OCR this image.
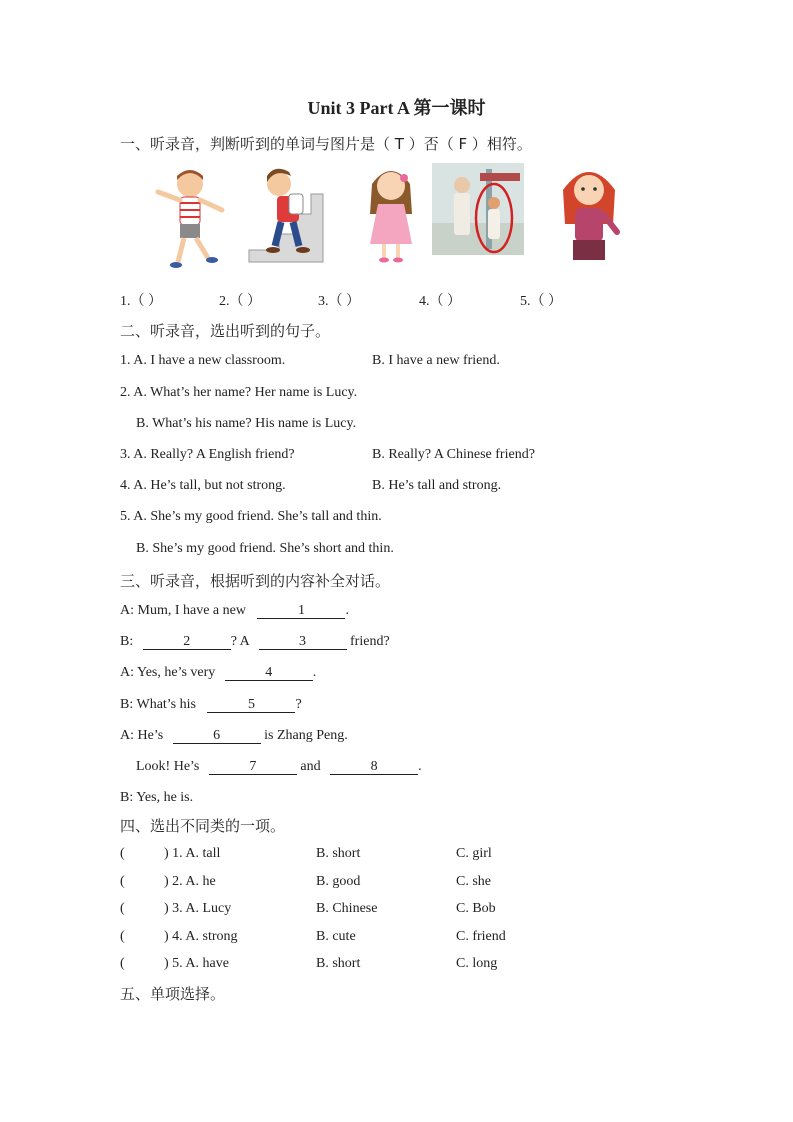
Unit 3 Part A 第一课时
一、听录音，判断听到的单词与图片是（ T ）否（ F ）相符。
1.（ ）	2.（ ）	3.（ ）	4.（ ）	5.（ ）
二、听录音，选出听到的句子。
1. A. I have a new classroom.	B. I have a new friend.
2. A. What’s her name? Her name is Lucy.
B. What’s his name? His name is Lucy.
3. A. Really? A English friend?	B. Really? A Chinese friend?
4. A. He’s tall, but not strong.	B. He’s tall and strong.
5. A. She’s my good friend. She’s tall and thin.
B. She’s my good friend. She’s short and thin.
三、听录音，根据听到的内容补全对话。
A: Mum, I have a new	1	.
B:	2	? A	3	friend?
A: Yes, he’s very	4	.
B: What’s his	5	?
A: He’s	6	is Zhang Peng.
Look! He’s	7	and	8	.
B: Yes, he is.
四、选出不同类的一项。
(	) 1. A. tall	B. short	C. girl
(	) 2. A. he	B. good	C. she
(	) 3. A. Lucy	B. Chinese	C. Bob
(	) 4. A. strong	B. cute	C. friend
(	) 5. A. have	B. short	C. long
五、单项选择。
